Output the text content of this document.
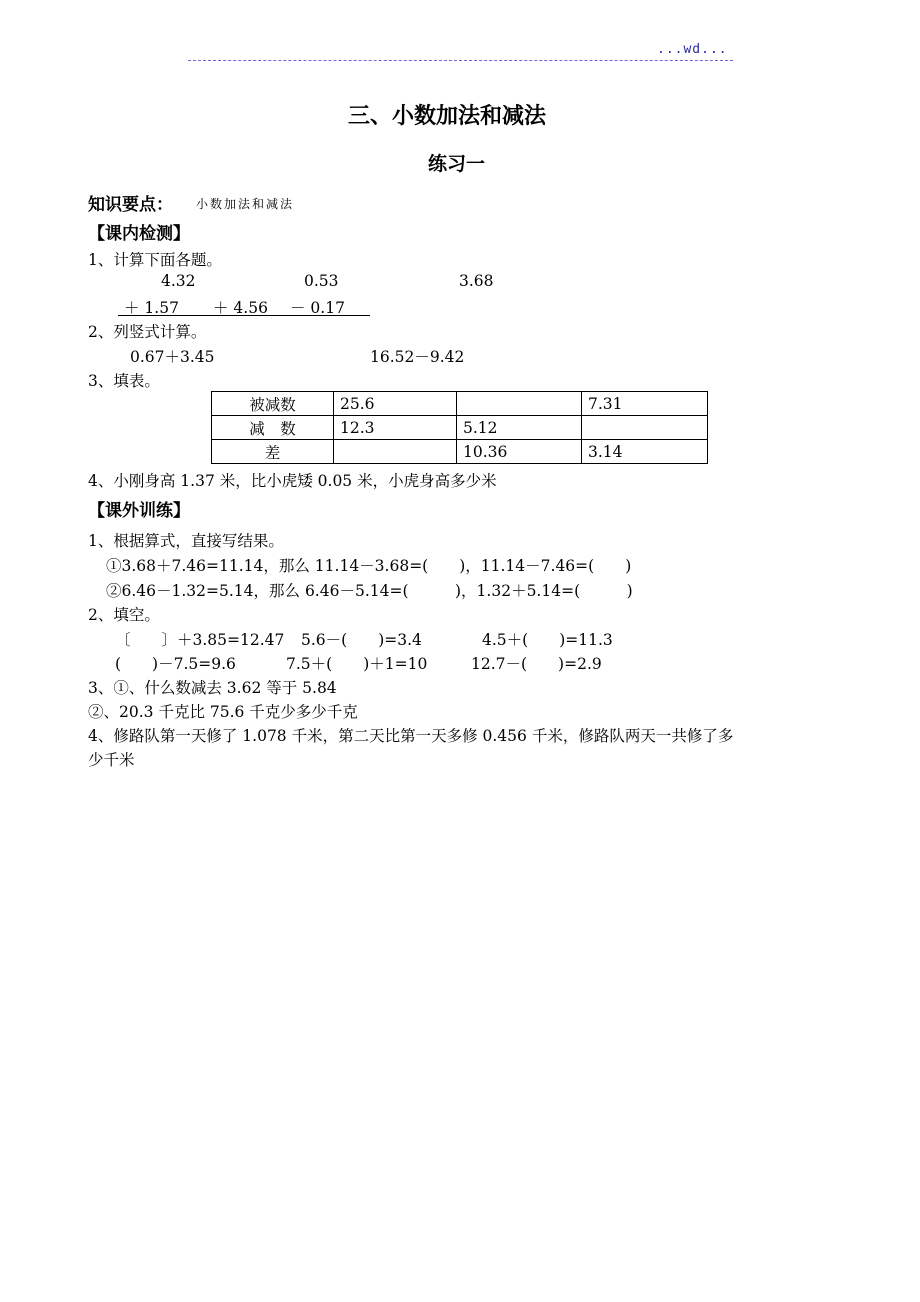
...wd...
三、小数加法和减法
练习一
知识要点： 小数加法和减法
【课内检测】
1、计算下面各题。
4.32	0.53	3.68
＋ 1.57 ＋ 4.56 － 0.17
2、列竖式计算。
0.67＋3.45	16.52－9.42
3、填表。
被减数	25.6		7.31
减　数	12.3	5.12	
差		10.36	3.14
4、小刚身高 1.37 米，比小虎矮 0.05 米，小虎身高多少米
【课外训练】
1、根据算式，直接写结果。
①3.68＋7.46=11.14，那么 11.14－3.68=(　　)，11.14－7.46=(　　)
②6.46－1.32=5.14，那么 6.46－5.14=(　　　)，1.32＋5.14=(　　　)
2、填空。
〔　　〕＋3.85=12.47 5.6－(　　)=3.4	4.5＋(　　)=11.3
(　　)－7.5=9.6	7.5＋(　　)＋1=10	12.7－(　　)=2.9
3、①、什么数减去 3.62 等于 5.84
②、20.3 千克比 75.6 千克少多少千克
4、修路队第一天修了 1.078 千米，第二天比第一天多修 0.456 千米，修路队两天一共修了多
少千米
